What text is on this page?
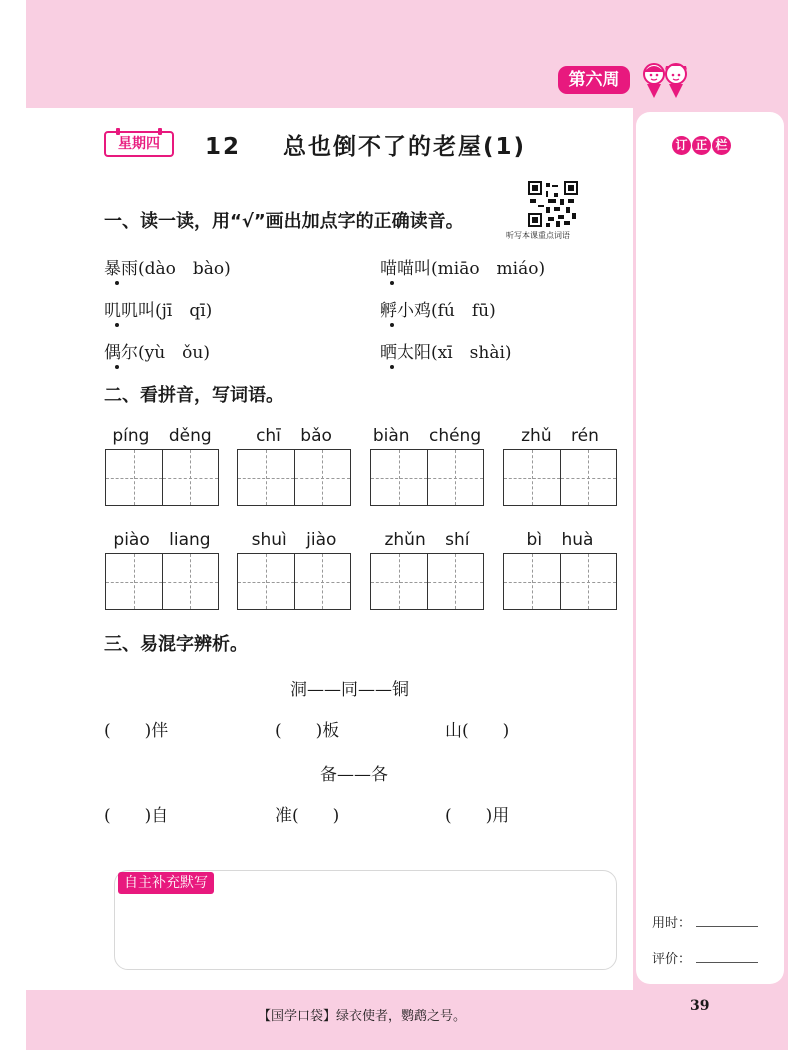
第六周
星期四	12 总也倒不了的老屋(1)	订 正 栏
一、读一读，用“√”画出加点字的正确读音。
听写本课重点词语
暴雨(dào　bào)	喵喵叫(miāo　miáo)
叽叽叫(jī　qī)	孵小鸡(fú　fū)
偶尔(yù　ǒu)	晒太阳(xī　shài)
二、看拼音，写词语。
píng děng	chī bǎo	biàn chéng	zhǔ rén
piào liang	shuì jiào	zhǔn shí	bì huà
三、易混字辨析。
洞——同——铜
(　　)伴	(　　)板	山(　　)
备——各
(　　)自	准(　　)	(　　)用
自主补充默写
用时：
评价：
【国学口袋】绿衣使者，鹦鹉之号。
39
